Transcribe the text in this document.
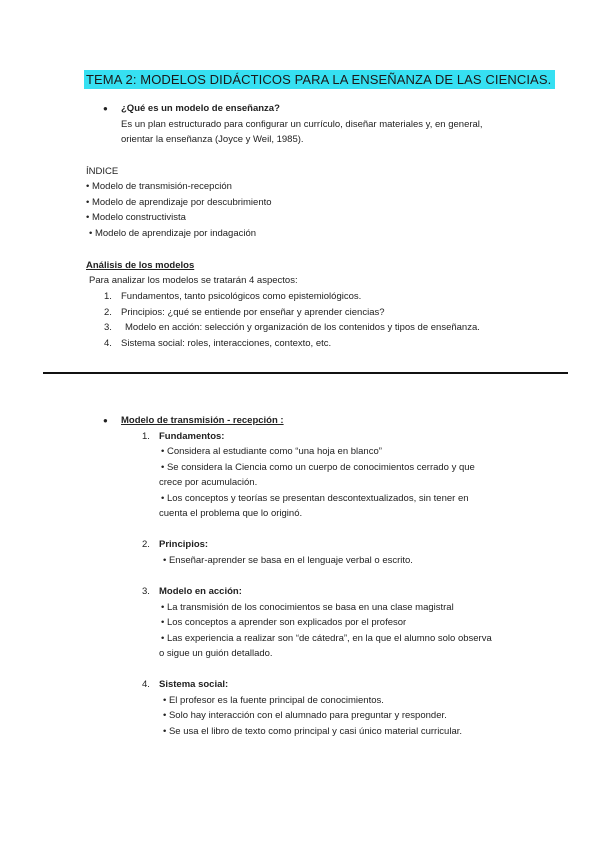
TEMA 2: MODELOS DIDÁCTICOS PARA LA ENSEÑANZA DE LAS CIENCIAS.
● ¿Qué es un modelo de enseñanza?
Es un plan estructurado para configurar un currículo, diseñar materiales y, en general,
orientar la enseñanza (Joyce y Weil, 1985).
ÍNDICE
• Modelo de transmisión-recepción
• Modelo de aprendizaje por descubrimiento
• Modelo constructivista
• Modelo de aprendizaje por indagación
Análisis de los modelos
Para analizar los modelos se tratarán 4 aspectos:
1. Fundamentos, tanto psicológicos como epistemiológicos.
2. Principios: ¿qué se entiende por enseñar y aprender ciencias?
3. Modelo en acción: selección y organización de los contenidos y tipos de enseñanza.
4. Sistema social: roles, interacciones, contexto, etc.
● Modelo de transmisión - recepción :
1. Fundamentos:
• Considera al estudiante como “una hoja en blanco”
• Se considera la Ciencia como un cuerpo de conocimientos cerrado y que
crece por acumulación.
• Los conceptos y teorías se presentan descontextualizados, sin tener en
cuenta el problema que lo originó.
2. Principios:
• Enseñar-aprender se basa en el lenguaje verbal o escrito.
3. Modelo en acción:
• La transmisión de los conocimientos se basa en una clase magistral
• Los conceptos a aprender son explicados por el profesor
• Las experiencia a realizar son “de cátedra”, en la que el alumno solo observa
o sigue un guión detallado.
4. Sistema social:
• El profesor es la fuente principal de conocimientos.
• Solo hay interacción con el alumnado para preguntar y responder.
• Se usa el libro de texto como principal y casi único material curricular.
